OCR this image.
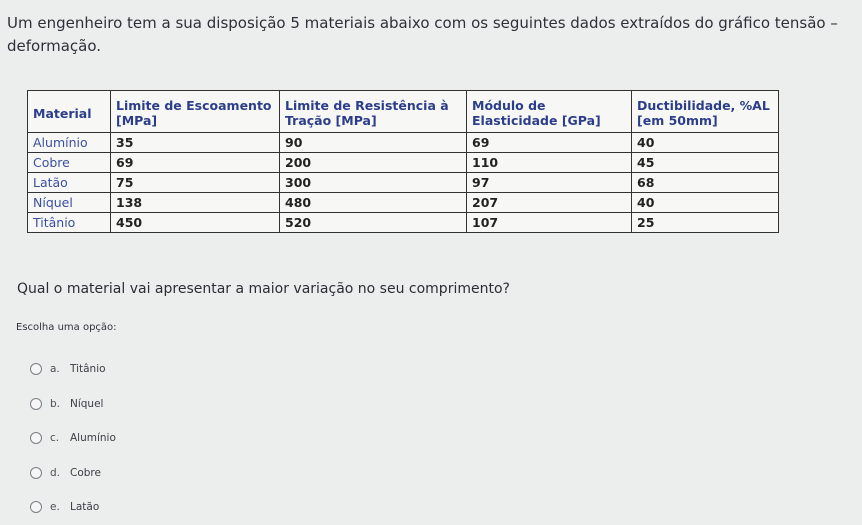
Um engenheiro tem a sua disposição 5 materiais abaixo com os seguintes dados extraídos do gráfico tensão – deformação.
Material	Limite de Escoamento [MPa]	Limite de Resistência à Tração [MPa]	Módulo de Elasticidade [GPa]	Ductibilidade, %AL [em 50mm]
Alumínio	35	90	69	40
Cobre	69	200	110	45
Latão	75	300	97	68
Níquel	138	480	207	40
Titânio	450	520	107	25
Qual o material vai apresentar a maior variação no seu comprimento?
Escolha uma opção:
a. Titânio
b. Níquel
c.	Alumínio
d. Cobre
e. Latão
